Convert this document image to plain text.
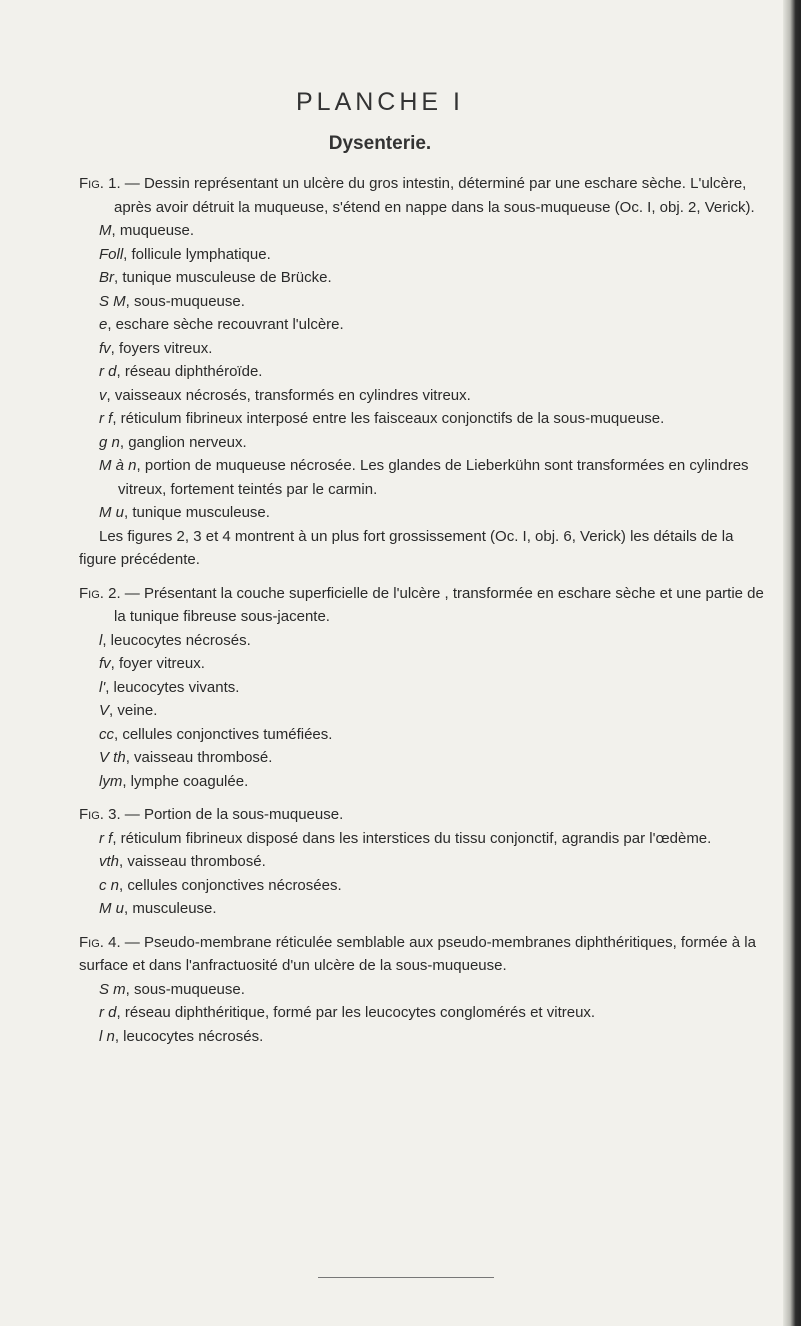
PLANCHE I
Dysenterie.

Fig. 1. — Dessin représentant un ulcère du gros intestin, déterminé par une eschare sèche. L'ulcère, après avoir détruit la muqueuse, s'étend en nappe dans la sous-muqueuse (Oc. I, obj. 2, Verick).

M, muqueuse.

Foll, follicule lymphatique.

Br, tunique musculeuse de Brücke.

S M, sous-muqueuse.

e, eschare sèche recouvrant l'ulcère.

fv, foyers vitreux.

r d, réseau diphthéroïde.

v, vaisseaux nécrosés, transformés en cylindres vitreux.

r f, réticulum fibrineux interposé entre les faisceaux conjonctifs de la sous-muqueuse.

g n, ganglion nerveux.

M à n, portion de muqueuse nécrosée. Les glandes de Lieberkühn sont transformées en cylindres vitreux, fortement teintés par le carmin.

M u, tunique musculeuse.

Les figures 2, 3 et 4 montrent à un plus fort grossissement (Oc. I, obj. 6, Verick) les détails de la figure précédente.

Fig. 2. — Présentant la couche superficielle de l'ulcère , transformée en eschare sèche et une partie de la tunique fibreuse sous-jacente.

l, leucocytes nécrosés.

fv, foyer vitreux.

l', leucocytes vivants.

V, veine.

cc, cellules conjonctives tuméfiées.

V th, vaisseau thrombosé.

lym, lymphe coagulée.

Fig. 3. — Portion de la sous-muqueuse.

r f, réticulum fibrineux disposé dans les interstices du tissu conjonctif, agrandis par l'œdème.

vth, vaisseau thrombosé.

c n, cellules conjonctives nécrosées.

M u, musculeuse.

Fig. 4. — Pseudo-membrane réticulée semblable aux pseudo-membranes diphthéritiques, formée à la surface et dans l'anfractuosité d'un ulcère de la sous-muqueuse.

S m, sous-muqueuse.

r d, réseau diphthéritique, formé par les leucocytes conglomérés et vitreux.

l n, leucocytes nécrosés.
